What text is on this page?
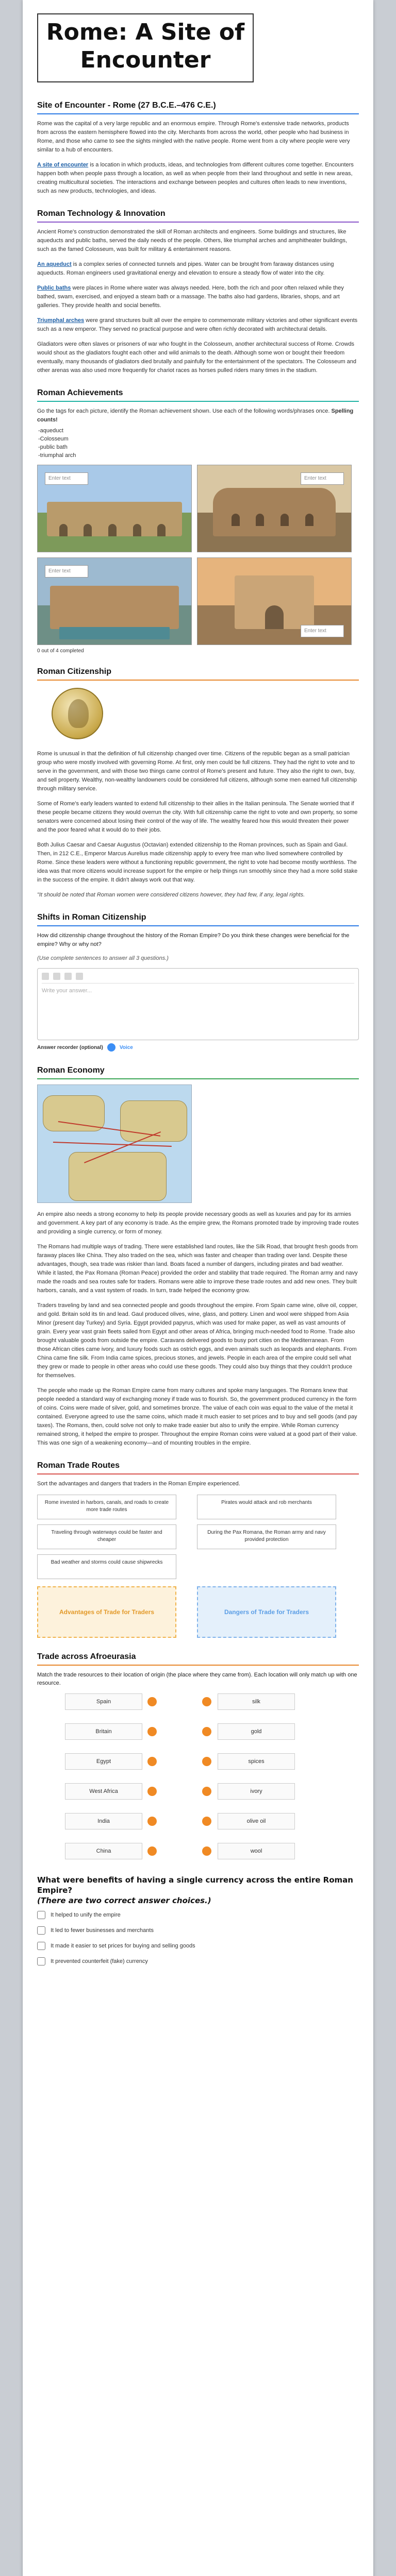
Rome: A Site of Encounter
Site of Encounter - Rome (27 B.C.E.–476 C.E.)

Rome was the capital of a very large republic and an enormous empire. Through Rome's extensive trade networks, products from across the eastern hemisphere flowed into the city. Merchants from across the world, other people who had business in Rome, and those who came to see the sights mingled with the native people. Rome went from a city where people were very similar to a hub of encounters.

A site of encounter is a location in which products, ideas, and technologies from different cultures come together. Encounters happen both when people pass through a location, as well as when people from their land throughout and settle in new areas, creating multicultural societies. The interactions and exchange between peoples and cultures often leads to new inventions, such as new products, technologies, and ideas.

Roman Technology & Innovation

Ancient Rome's construction demonstrated the skill of Roman architects and engineers. Some buildings and structures, like aqueducts and public baths, served the daily needs of the people. Others, like triumphal arches and amphitheater buildings, such as the famed Colosseum, was built for military & entertainment reasons.

An aqueduct is a complex series of connected tunnels and pipes. Water can be brought from faraway distances using aqueducts. Roman engineers used gravitational energy and elevation to ensure a steady flow of water into the city.

Public baths were places in Rome where water was always needed. Here, both the rich and poor often relaxed while they bathed, swam, exercised, and enjoyed a steam bath or a massage. The baths also had gardens, libraries, shops, and art galleries. They provide health and social benefits.

Triumphal arches were grand structures built all over the empire to commemorate military victories and other significant events such as a new emperor. They served no practical purpose and were often richly decorated with architectural details.

Gladiators were often slaves or prisoners of war who fought in the Colosseum, another architectural success of Rome. Crowds would shout as the gladiators fought each other and wild animals to the death. Although some won or bought their freedom eventually, many thousands of gladiators died brutally and painfully for the entertainment of the spectators. The Colosseum and other arenas was also used more frequently for chariot races as horses pulled riders many times in the stadium.

Roman Achievements

Go the tags for each picture, identify the Roman achievement shown. Use each of the following words/phrases once. Spelling counts!

-aqueduct
-Colosseum
-public bath
-triumphal arch
Enter text	Enter text
Enter text
Enter text
0 out of 4 completed
Roman Citizenship

Rome is unusual in that the definition of full citizenship changed over time. Citizens of the republic began as a small patrician group who were mostly involved with governing Rome. At first, only men could be full citizens. They had the right to vote and to serve in the government, and with those two things came control of Rome's present and future. They also the right to own, buy, and sell property. Wealthy, non-wealthy landowners could be considered full citizens, although some men earned full citizenship through military service.

Some of Rome's early leaders wanted to extend full citizenship to their allies in the Italian peninsula. The Senate worried that if these people became citizens they would overrun the city. With full citizenship came the right to vote and own property, so some senators were concerned about losing their control of the way of life. The wealthy feared how this would threaten their power and the poor feared what it would do to their jobs.

Both Julius Caesar and Caesar Augustus (Octavian) extended citizenship to the Roman provinces, such as Spain and Gaul. Then, in 212 C.E., Emperor Marcus Aurelius made citizenship apply to every free man who lived somewhere controlled by Rome. Since these leaders were without a functioning republic government, the right to vote had become mostly worthless. The idea was that more citizens would increase support for the empire or help things run smoothly since they had a more solid stake in the success of the empire. It didn't always work out that way.

"It should be noted that Roman women were considered citizens however, they had few, if any, legal rights.

Shifts in Roman Citizenship

How did citizenship change throughout the history of the Roman Empire? Do you think these changes were beneficial for the empire? Why or why not?

(Use complete sentences to answer all 3 questions.)

Write your answer...
Answer recorder (optional)	Voice
Roman Economy

An empire also needs a strong economy to help its people provide necessary goods as well as luxuries and pay for its armies and government. A key part of any economy is trade. As the empire grew, the Romans promoted trade by improving trade routes and providing a single currency, or form of money.

The Romans had multiple ways of trading. There were established land routes, like the Silk Road, that brought fresh goods from faraway places like China. They also traded on the sea, which was faster and cheaper than trading over land. Despite these advantages, though, sea trade was riskier than land. Boats faced a number of dangers, including pirates and bad weather. While it lasted, the Pax Romana (Roman Peace) provided the order and stability that trade required. The Roman army and navy made the roads and sea routes safe for traders. Romans were able to improve these trade routes and add new ones. They built harbors, canals, and a vast system of roads. In turn, trade helped the economy grow.

Traders traveling by land and sea connected people and goods throughout the empire. From Spain came wine, olive oil, copper, and gold. Britain sold its tin and lead. Gaul produced olives, wine, glass, and pottery. Linen and wool were shipped from Asia Minor (present day Turkey) and Syria. Egypt provided papyrus, which was used for make paper, as well as vast amounts of grain. Every year vast grain fleets sailed from Egypt and other areas of Africa, bringing much-needed food to Rome. Trade also brought valuable goods from outside the empire. Caravans delivered goods to busy port cities on the Mediterranean. From those African cities came ivory, and luxury foods such as ostrich eggs, and even animals such as leopards and elephants. From China came fine silk. From India came spices, precious stones, and jewels. People in each area of the empire could sell what they grew or made to people in other areas who could use these goods. They could also buy things that they couldn't produce for themselves.

The people who made up the Roman Empire came from many cultures and spoke many languages. The Romans knew that people needed a standard way of exchanging money if trade was to flourish. So, the government produced currency in the form of coins. Coins were made of silver, gold, and sometimes bronze. The value of each coin was equal to the value of the metal it contained. Everyone agreed to use the same coins, which made it much easier to set prices and to buy and sell goods (and pay taxes). The Romans, then, could solve not only to make trade easier but also to unify the empire. While Roman currency remained strong, it helped the empire to prosper. Throughout the empire Roman coins were valued at a good part of their value. This was one sign of a weakening economy—and of mounting troubles in the empire.

Roman Trade Routes

Sort the advantages and dangers that traders in the Roman Empire experienced.

Rome invested in harbors, canals, and roads to create more trade routes
Pirates would attack and rob merchants
Traveling through waterways could be faster and cheaper
During the Pax Romana, the Roman army and navy provided protection
Bad weather and storms could cause shipwrecks
Advantages of Trade for Traders	Dangers of Trade for Traders
Trade across Afroeurasia

Match the trade resources to their location of origin (the place where they came from). Each location will only match up with one resource.

Spain	silk
Britain	gold
Egypt	spices
West Africa	ivory
India	olive oil
China	wool
What were benefits of having a single currency across the entire Roman Empire?
(There are two correct answer choices.)
It helped to unify the empire
It led to fewer businesses and merchants
It made it easier to set prices for buying and selling goods
It prevented counterfeit (fake) currency
